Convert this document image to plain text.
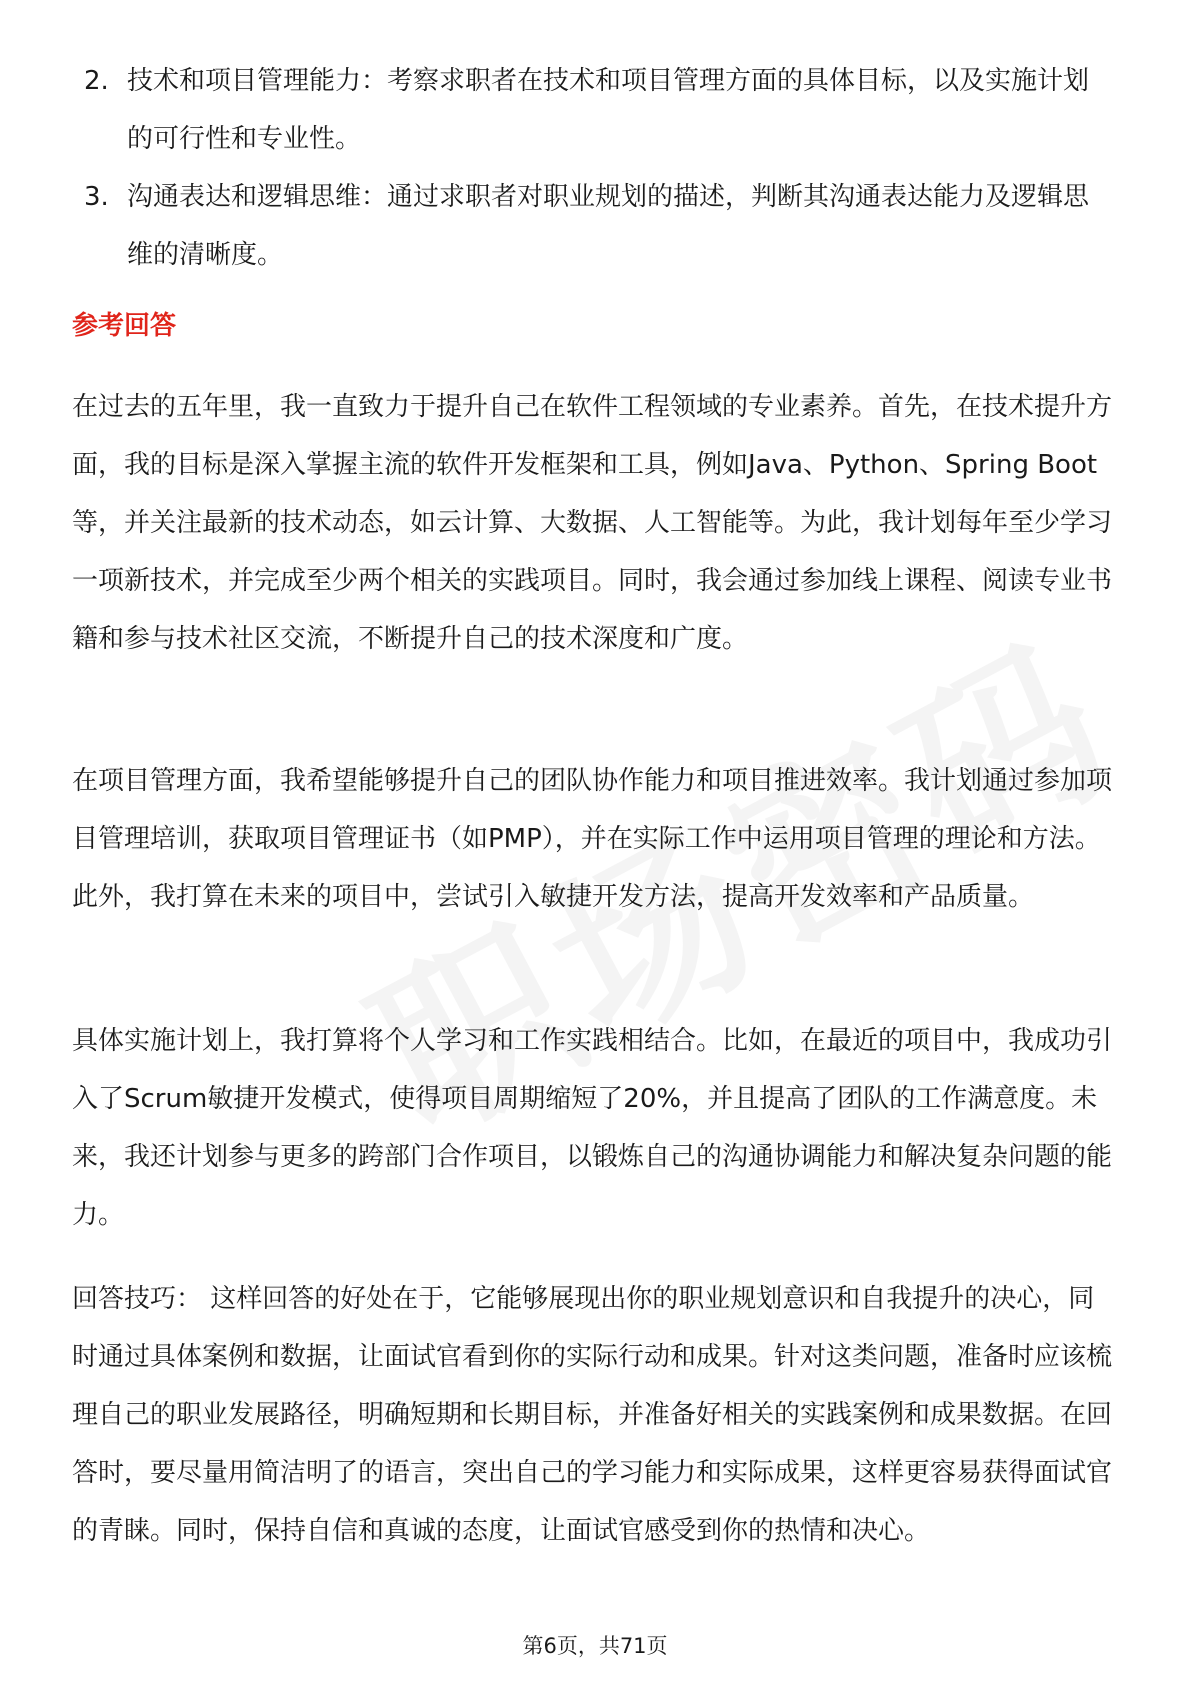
2. 技术和项目管理能力：考察求职者在技术和项目管理方面的具体目标，以及实施计划的可行性和专业性。
3. 沟通表达和逻辑思维：通过求职者对职业规划的描述，判断其沟通表达能力及逻辑思维的清晰度。
参考回答

在过去的五年里，我一直致力于提升自己在软件工程领域的专业素养。首先，在技术提升方面，我的目标是深入掌握主流的软件开发框架和工具，例如Java、Python、Spring Boot等，并关注最新的技术动态，如云计算、大数据、人工智能等。为此，我计划每年至少学习一项新技术，并完成至少两个相关的实践项目。同时，我会通过参加线上课程、阅读专业书籍和参与技术社区交流，不断提升自己的技术深度和广度。

在项目管理方面，我希望能够提升自己的团队协作能力和项目推进效率。我计划通过参加项目管理培训，获取项目管理证书（如PMP），并在实际工作中运用项目管理的理论和方法。此外，我打算在未来的项目中，尝试引入敏捷开发方法，提高开发效率和产品质量。

具体实施计划上，我打算将个人学习和工作实践相结合。比如，在最近的项目中，我成功引入了Scrum敏捷开发模式，使得项目周期缩短了20%，并且提高了团队的工作满意度。未来，我还计划参与更多的跨部门合作项目，以锻炼自己的沟通协调能力和解决复杂问题的能力。

回答技巧： 这样回答的好处在于，它能够展现出你的职业规划意识和自我提升的决心，同时通过具体案例和数据，让面试官看到你的实际行动和成果。针对这类问题，准备时应该梳理自己的职业发展路径，明确短期和长期目标，并准备好相关的实践案例和成果数据。在回答时，要尽量用简洁明了的语言，突出自己的学习能力和实际成果，这样更容易获得面试官的青睐。同时，保持自信和真诚的态度，让面试官感受到你的热情和决心。

第6页，共71页
